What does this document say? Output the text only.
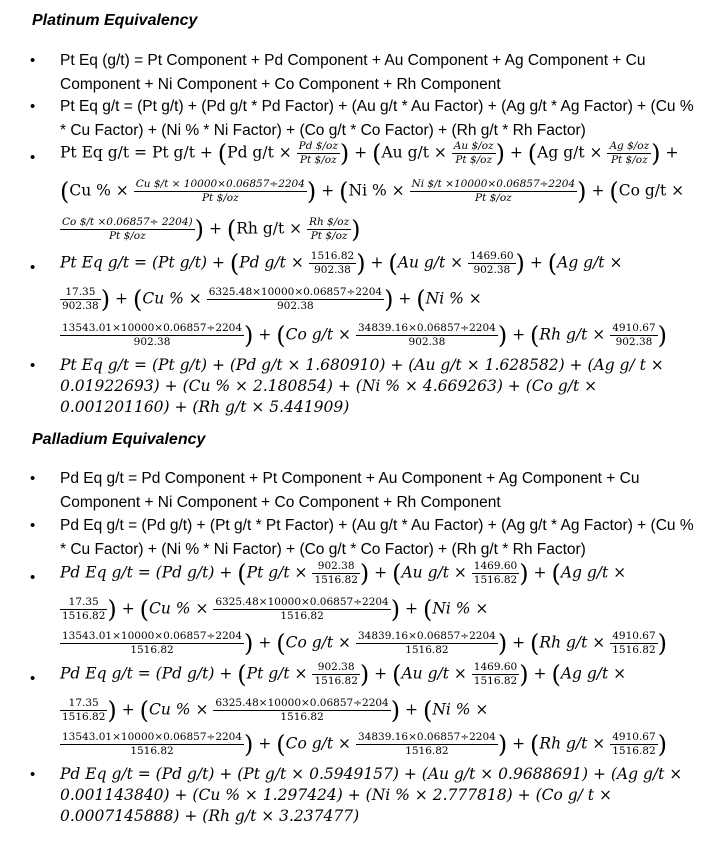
Platinum Equivalency
• Pt Eq (g/t) = Pt Component + Pd Component + Au Component + Ag Component + Cu Component + Ni Component + Co Component + Rh Component
• Pt Eq g/t = (Pt g/t) + (Pd g/t * Pd Factor) + (Au g/t * Au Factor) + (Ag g/t * Ag Factor) + (Cu % * Cu Factor) + (Ni % * Ni Factor) + (Co g/t * Co Factor) + (Rh g/t * Rh Factor)
• Pt Eq g/t = Pt g/t + (Pd $g/t \times \frac{Pd \$/oz}{Pt \$/oz}$ ) + (Au $g/t \times \frac{Au \$/oz}{Pt \$/oz}$ ) + (Ag $g/t \times \frac{Ag \$/oz}{Pt \$/oz}$ ) +
(Cu % × $\frac{Cu \$/t \times 10000\times 0.06857\div 2204}{Pt \$/oz}$ ) + (Ni % × $\frac{Ni \$/t \times 10000\times 0.06857\div 2204}{Pt \$/oz}$ ) + (Co g/t ×
$\frac{Co \$/t \times 0.06857\div 2204)}{Pt \$/oz}$ ) + (Rh $g/t \times \frac{Rh \$/oz}{Pt \$/oz}$ )
• Pt Eq g/t = (Pt g/t) + (Pd $g/t \times \frac{1516.82}{902.38}$ ) + (Au $g/t \times \frac{1469.60}{902.38}$ ) + (Ag g/t ×
$\frac{17.35}{902.38}$ ) + (Cu % × $\frac{6325.48\times 10000\times 0.06857\div 2204}{902.38}$ ) + (Ni % ×
$\frac{13543.01\times 10000\times 0.06857\div 2204}{902.38}$ ) + (Co $g/t \times \frac{34839.16\times 0.06857\div 2204}{902.38}$ ) + (Rh $g/t \times \frac{4910.67}{902.38}$ )
• Pt Eq g/t = (Pt g/t) + (Pd g/t × 1.680910) + (Au g/t × 1.628582) + (Ag g/ t × 0.01922693) + (Cu % × 2.180854) + (Ni % × 4.669263) + (Co g/t × 0.001201160) + (Rh g/t × 5.441909)
Palladium Equivalency
• Pd Eq g/t = Pd Component + Pt Component + Au Component + Ag Component + Cu Component + Ni Component + Co Component + Rh Component
• Pd Eq g/t = (Pd g/t) + (Pt g/t * Pt Factor) + (Au g/t * Au Factor) + (Ag g/t * Ag Factor) + (Cu % * Cu Factor) + (Ni % * Ni Factor) + (Co g/t * Co Factor) + (Rh g/t * Rh Factor)
• Pd Eq g/t = (Pd g/t) + (Pt $g/t \times \frac{902.38}{1516.82}$ ) + (Au $g/t \times \frac{1469.60}{1516.82}$ ) + (Ag g/t ×
$\frac{17.35}{1516.82}$ ) + (Cu % × $\frac{6325.48\times 10000\times 0.06857\div 2204}{1516.82}$ ) + (Ni % ×
$\frac{13543.01\times 10000\times 0.06857\div 2204}{1516.82}$ ) + (Co $g/t \times \frac{34839.16\times 0.06857\div 2204}{1516.82}$ ) + (Rh $g/t \times \frac{4910.67}{1516.82}$ )
• Pd Eq g/t = (Pd g/t) + (Pt $g/t \times \frac{902.38}{1516.82}$ ) + (Au $g/t \times \frac{1469.60}{1516.82}$ ) + (Ag g/t ×
$\frac{17.35}{1516.82}$ ) + (Cu % × $\frac{6325.48\times 10000\times 0.06857\div 2204}{1516.82}$ ) + (Ni % ×
$\frac{13543.01\times 10000\times 0.06857\div 2204}{1516.82}$ ) + (Co $g/t \times \frac{34839.16\times 0.06857\div 2204}{1516.82}$ ) + (Rh $g/t \times \frac{4910.67}{1516.82}$ )
• Pd Eq g/t = (Pd g/t) + (Pt g/t × 0.5949157) + (Au g/t × 0.9688691) + (Ag g/t × 0.001143840) + (Cu % × 1.297424) + (Ni % × 2.777818) + (Co g/ t × 0.0007145888) + (Rh g/t × 3.237477)
